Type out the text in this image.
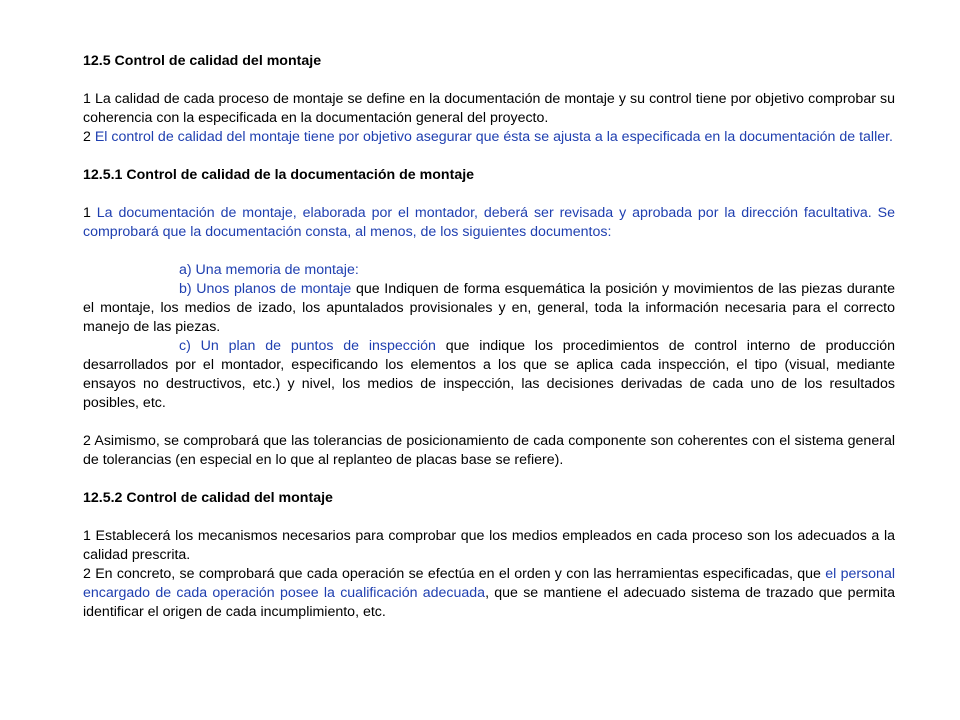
12.5 Control de calidad del montaje

1 La calidad de cada proceso de montaje se define en la documentación de montaje y su control tiene por objetivo comprobar su coherencia con la especificada en la documentación general del proyecto.

2 El control de calidad del montaje tiene por objetivo asegurar que ésta se ajusta a la especificada en la documentación de taller.

12.5.1 Control de calidad de la documentación de montaje

1 La documentación de montaje, elaborada por el montador, deberá ser revisada y aprobada por la dirección facultativa. Se comprobará que la documentación consta, al menos, de los siguientes documentos:

a) Una memoria de montaje:

b) Unos planos de montaje que Indiquen de forma esquemática la posición y movimientos de las piezas durante el montaje, los medios de izado, los apuntalados provisionales y en, general, toda la información necesaria para el correcto manejo de las piezas.

c) Un plan de puntos de inspección que indique los procedimientos de control interno de producción desarrollados por el montador, especificando los elementos a los que se aplica cada inspección, el tipo (visual, mediante ensayos no destructivos, etc.) y nivel, los medios de inspección, las decisiones derivadas de cada uno de los resultados posibles, etc.

2 Asimismo, se comprobará que las tolerancias de posicionamiento de cada componente son coherentes con el sistema general de tolerancias (en especial en lo que al replanteo de placas base se refiere).

12.5.2 Control de calidad del montaje

1 Establecerá los mecanismos necesarios para comprobar que los medios empleados en cada proceso son los adecuados a la calidad prescrita.

2 En concreto, se comprobará que cada operación se efectúa en el orden y con las herramientas especificadas, que el personal encargado de cada operación posee la cualificación adecuada, que se mantiene el adecuado sistema de trazado que permita identificar el origen de cada incumplimiento, etc.
